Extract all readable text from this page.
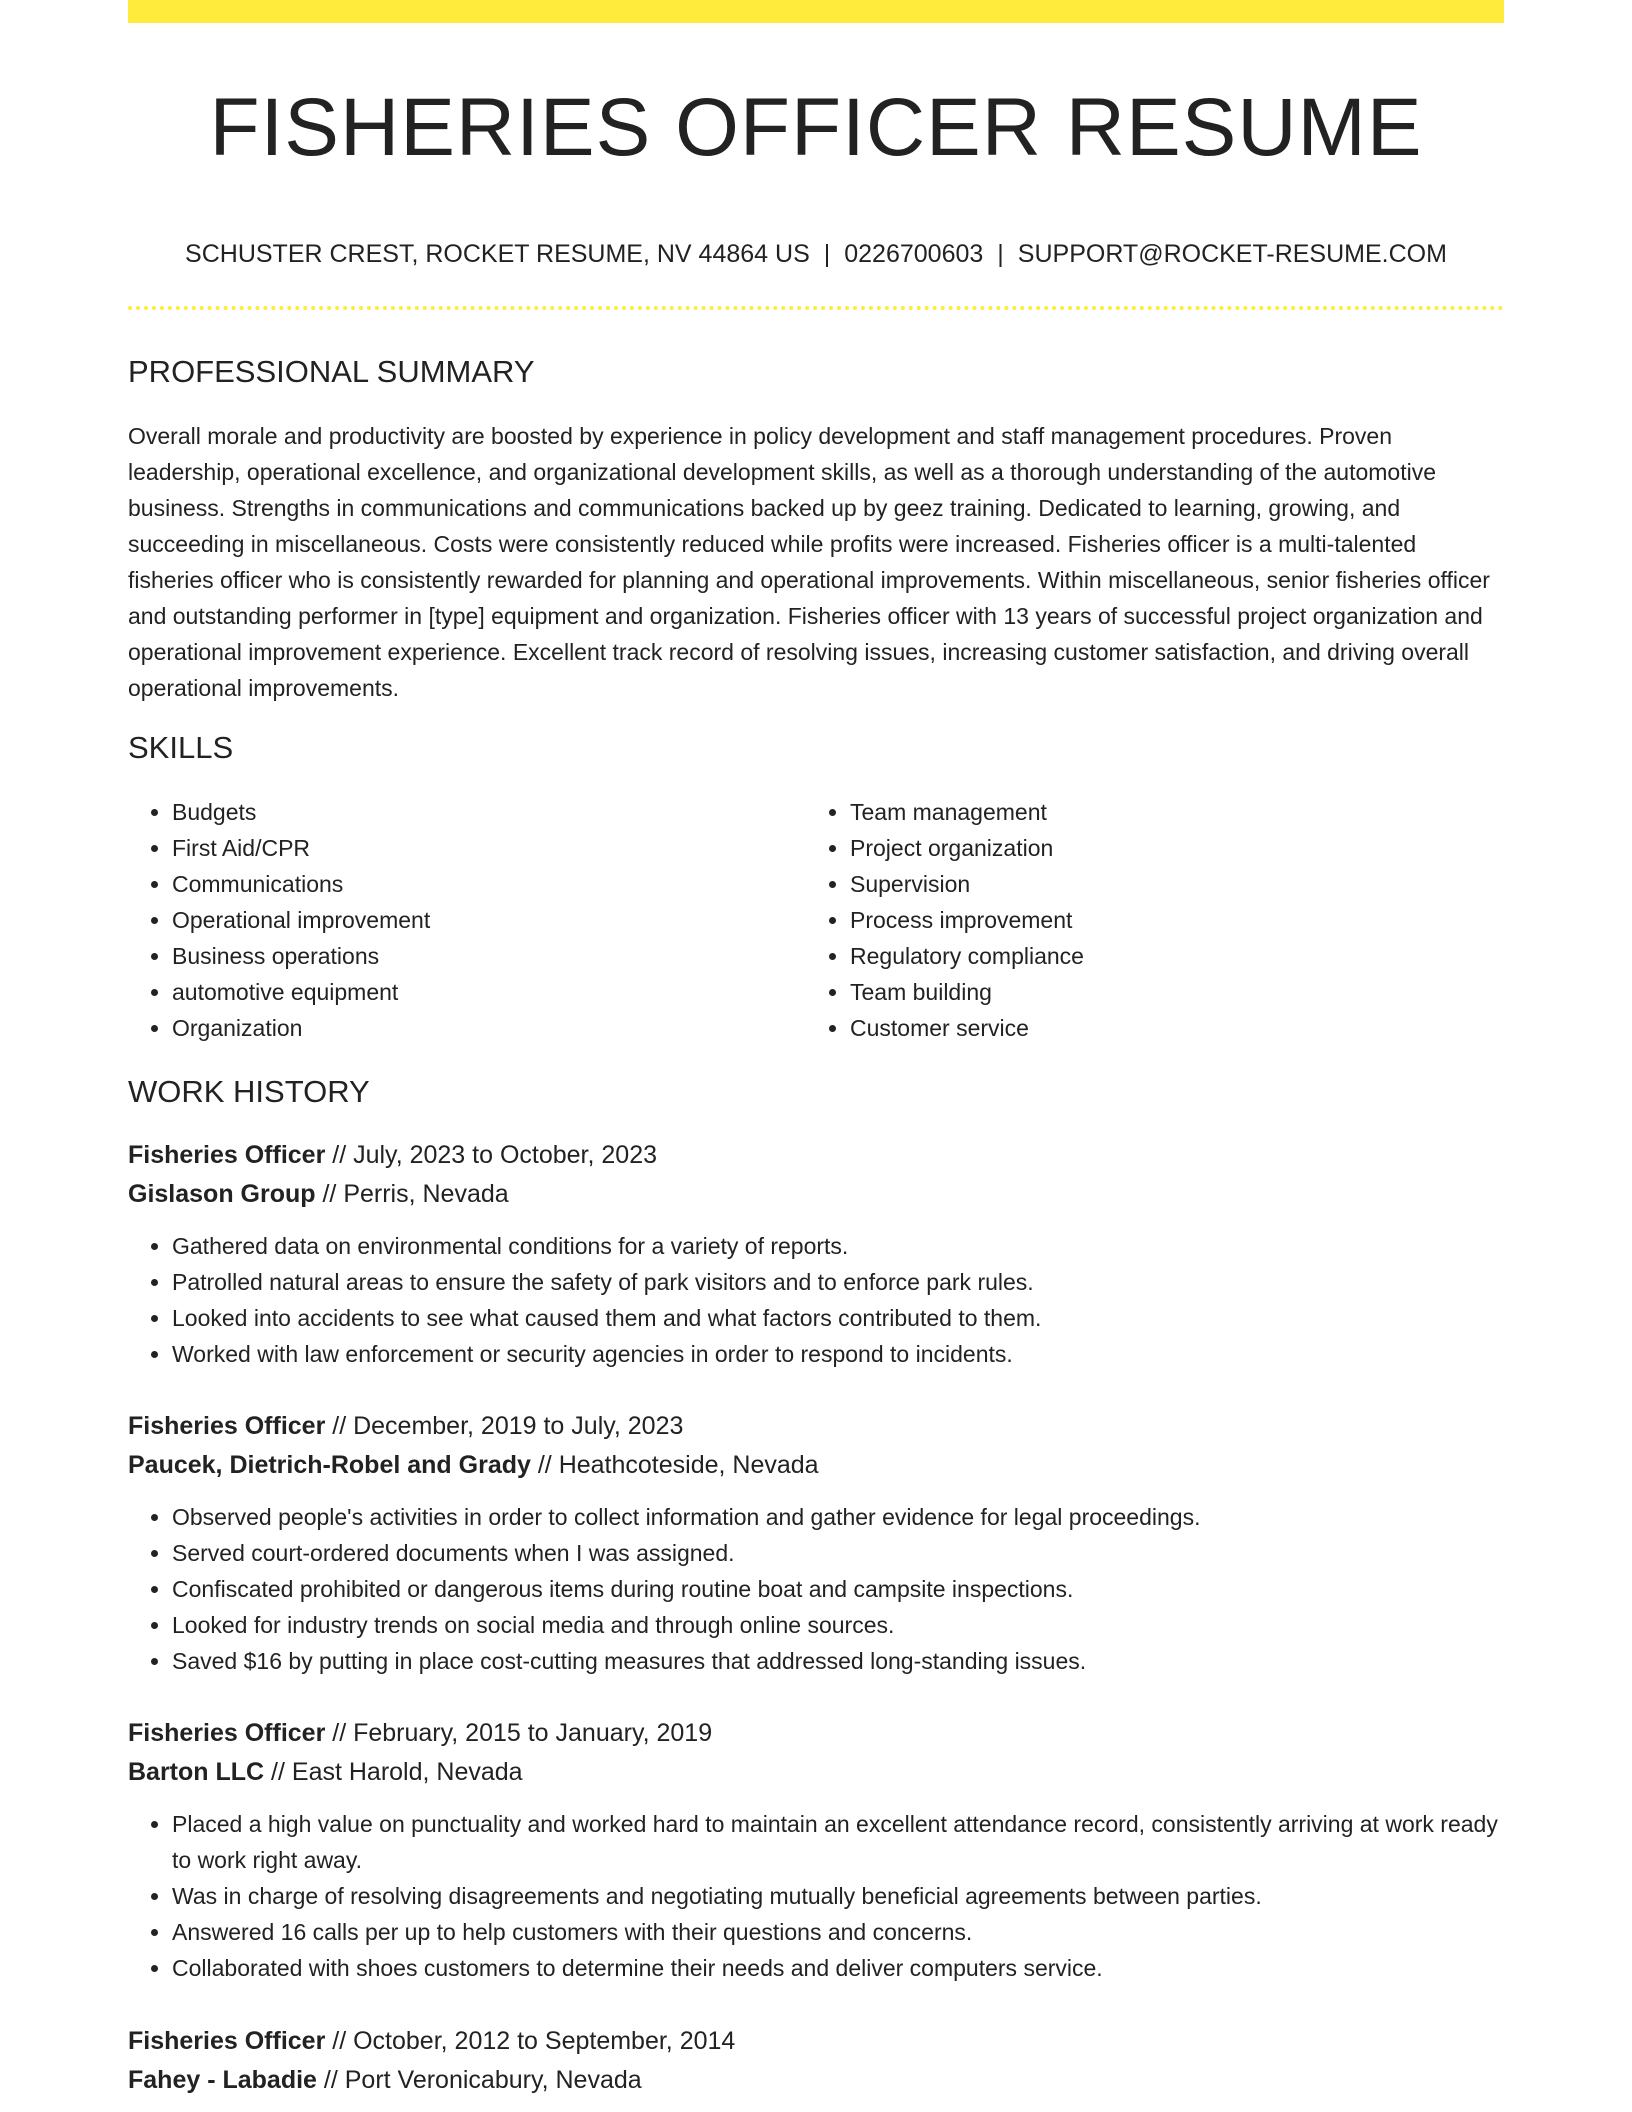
FISHERIES OFFICER RESUME
SCHUSTER CREST, ROCKET RESUME, NV 44864 US | 0226700603 | SUPPORT@ROCKET-RESUME.COM
PROFESSIONAL SUMMARY

Overall morale and productivity are boosted by experience in policy development and staff management procedures. Proven leadership, operational excellence, and organizational development skills, as well as a thorough understanding of the automotive business. Strengths in communications and communications backed up by geez training. Dedicated to learning, growing, and succeeding in miscellaneous. Costs were consistently reduced while profits were increased. Fisheries officer is a multi-talented fisheries officer who is consistently rewarded for planning and operational improvements. Within miscellaneous, senior fisheries officer and outstanding performer in [type] equipment and organization. Fisheries officer with 13 years of successful project organization and operational improvement experience. Excellent track record of resolving issues, increasing customer satisfaction, and driving overall operational improvements.

SKILLS
• Budgets
• First Aid/CPR
• Communications
• Operational improvement
• Business operations
• automotive equipment
• Organization
• Team management
• Project organization
• Supervision
• Process improvement
• Regulatory compliance
• Team building
• Customer service
WORK HISTORY
Fisheries Officer // July, 2023 to October, 2023
Gislason Group // Perris, Nevada
• Gathered data on environmental conditions for a variety of reports.
• Patrolled natural areas to ensure the safety of park visitors and to enforce park rules.
• Looked into accidents to see what caused them and what factors contributed to them.
• Worked with law enforcement or security agencies in order to respond to incidents.
Fisheries Officer // December, 2019 to July, 2023
Paucek, Dietrich-Robel and Grady // Heathcoteside, Nevada
• Observed people's activities in order to collect information and gather evidence for legal proceedings.
• Served court-ordered documents when I was assigned.
• Confiscated prohibited or dangerous items during routine boat and campsite inspections.
• Looked for industry trends on social media and through online sources.
• Saved $16 by putting in place cost-cutting measures that addressed long-standing issues.
Fisheries Officer // February, 2015 to January, 2019
Barton LLC // East Harold, Nevada
• Placed a high value on punctuality and worked hard to maintain an excellent attendance record, consistently arriving at work ready to work right away.
• Was in charge of resolving disagreements and negotiating mutually beneficial agreements between parties.
• Answered 16 calls per up to help customers with their questions and concerns.
• Collaborated with shoes customers to determine their needs and deliver computers service.
Fisheries Officer // October, 2012 to September, 2014
Fahey - Labadie // Port Veronicabury, Nevada
